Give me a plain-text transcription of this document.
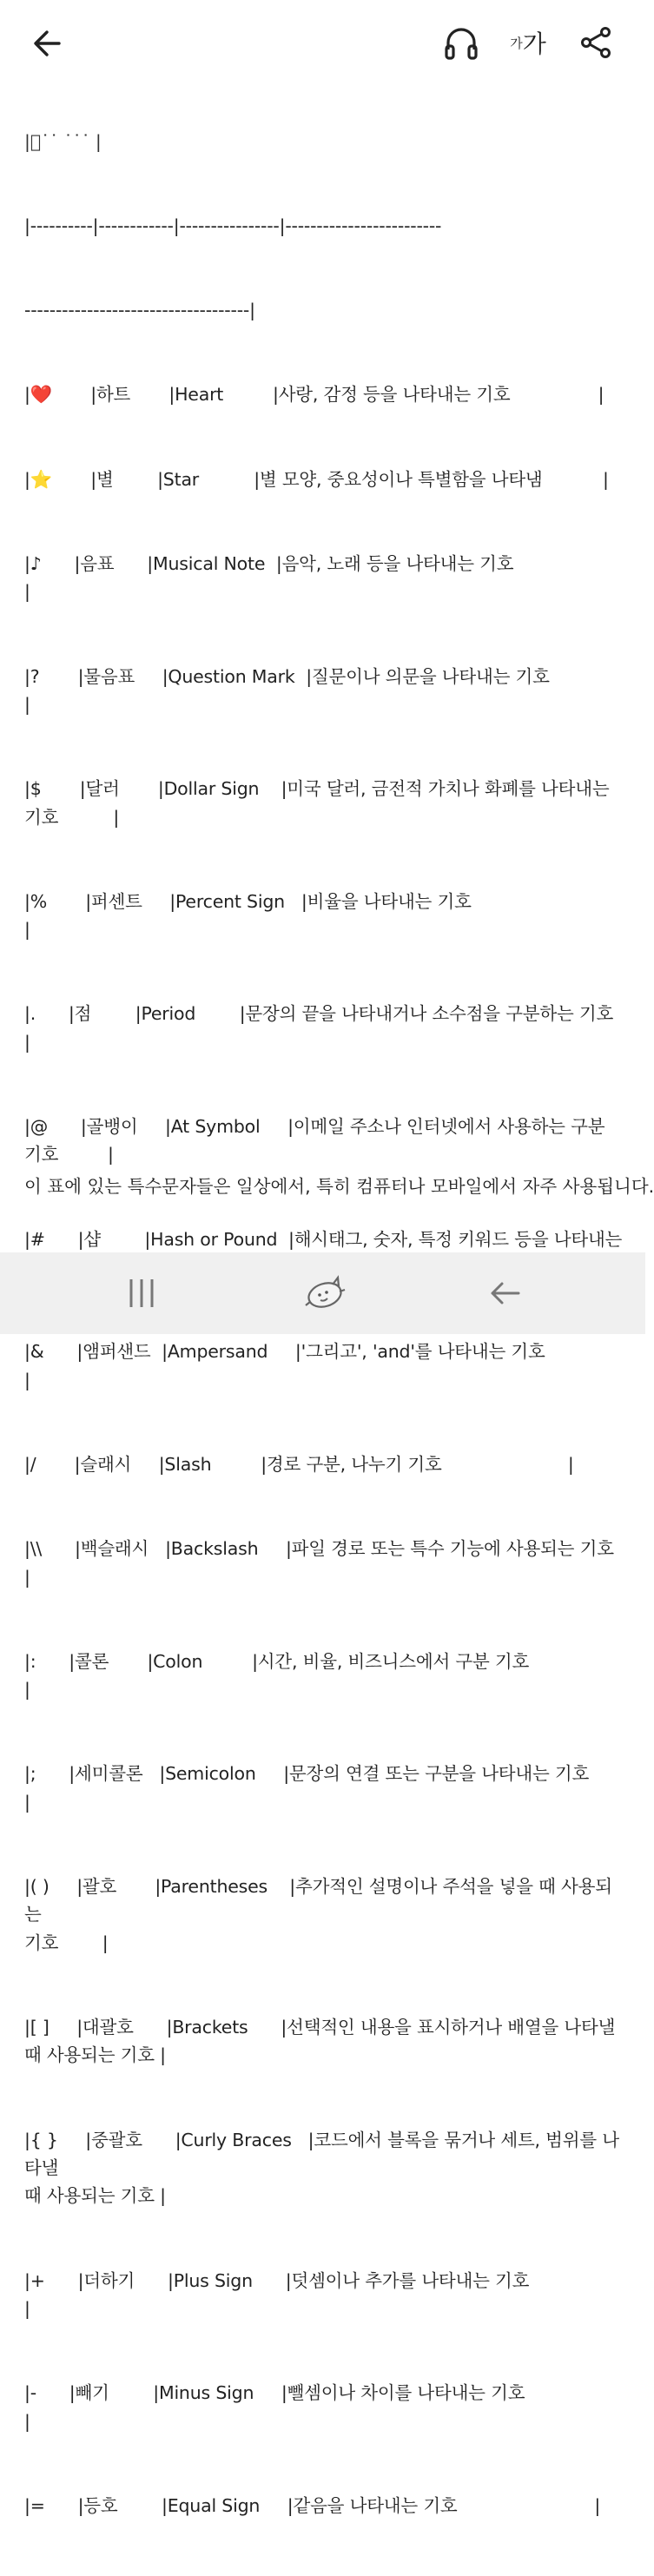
가 가

|⃒˙˙ ˙˙˙ |

|----------|------------|----------------|-------------------------

------------------------------------|

|❤️       |하트       |Heart         |사랑, 감정 등을 나타내는 기호                |

|⭐       |별        |Star          |별 모양, 중요성이나 특별함을 나타냄           |

|♪      |음표      |Musical Note  |음악, 노래 등을 나타내는 기호
|

|?       |물음표     |Question Mark  |질문이나 의문을 나타내는 기호
|

|$       |달러       |Dollar Sign    |미국 달러, 금전적 가치나 화폐를 나타내는
기호          |

|%       |퍼센트     |Percent Sign   |비율을 나타내는 기호
|

|.      |점        |Period        |문장의 끝을 나타내거나 소수점을 구분하는 기호
|

|@      |골뱅이     |At Symbol     |이메일 주소나 인터넷에서 사용하는 구분
기호         |

|#      |샵        |Hash or Pound  |해시태그, 숫자, 특정 키워드 등을 나타내는

|&      |앰퍼샌드  |Ampersand     |'그리고', 'and'를 나타내는 기호
|

|/       |슬래시     |Slash         |경로 구분, 나누기 기호                       |

|\\      |백슬래시   |Backslash     |파일 경로 또는 특수 기능에 사용되는 기호
|

|:      |콜론       |Colon         |시간, 비율, 비즈니스에서 구분 기호                  |

|;      |세미콜론   |Semicolon     |문장의 연결 또는 구분을 나타내는 기호
|

|( )     |괄호       |Parentheses    |추가적인 설명이나 주석을 넣을 때 사용되는
기호        |

|[ ]     |대괄호      |Brackets      |선택적인 내용을 표시하거나 배열을 나타낼
때 사용되는 기호 |

|{ }     |중괄호      |Curly Braces   |코드에서 블록을 묶거나 세트, 범위를 나타낼
때 사용되는 기호 |

|+      |더하기      |Plus Sign      |덧셈이나 추가를 나타내는 기호
|

|-      |빼기        |Minus Sign     |뺄셈이나 차이를 나타내는 기호
|

|=      |등호        |Equal Sign     |같음을 나타내는 기호                         |

이 표에 있는 특수문자들은 일상에서, 특히 컴퓨터나 모바일에서 자주 사용됩니다.
